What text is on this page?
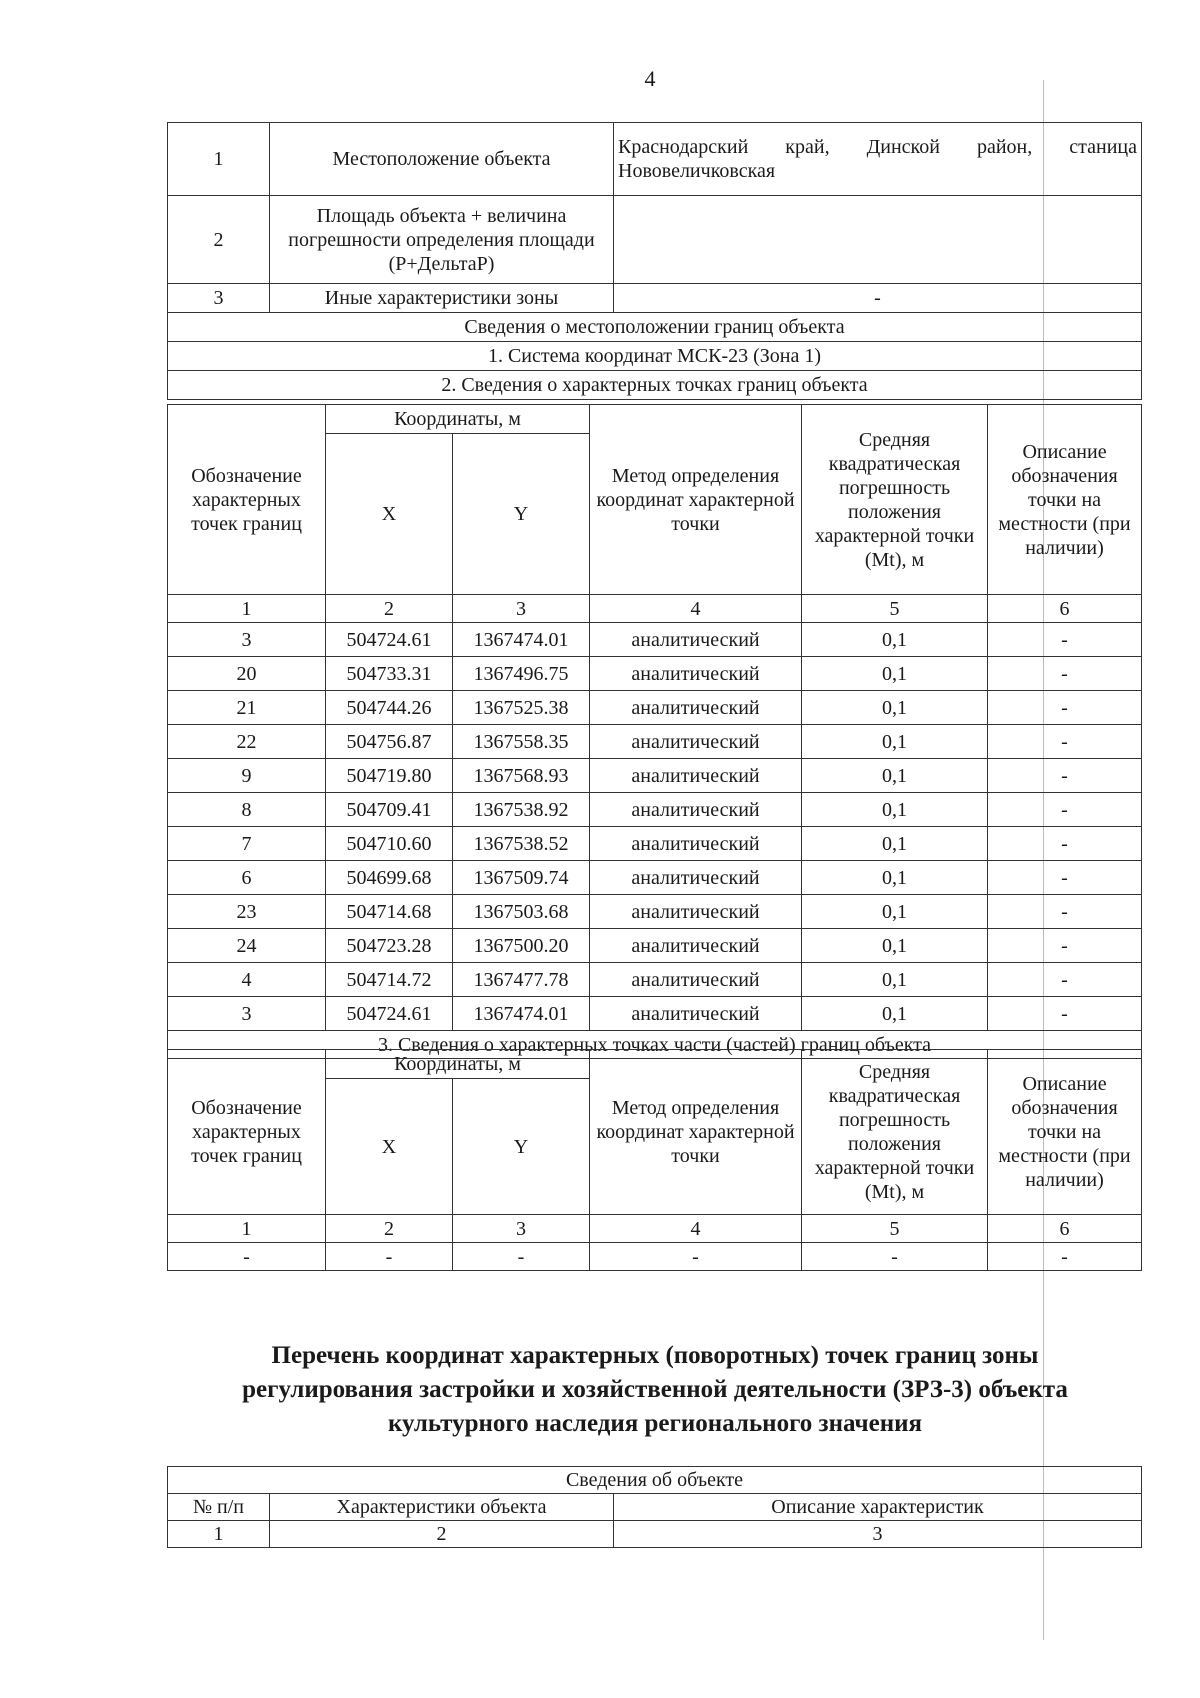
4
1	Местоположение объекта	Краснодарский край, Динской район, станица Нововеличковская
2	Площадь объекта + величина погрешности определения площади (P+ДельтаP)	
3	Иные характеристики зоны	-
Сведения о местоположении границ объекта		
1. Система координат МСК-23 (Зона 1)		
2. Сведения о характерных точках границ объекта		
Обозначение характерных точек границ	Координаты, м		Метод определения координат характерной точки	Средняя квадратическая погрешность положения характерной точки (Mt), м	Описание обозначения точки на местности (при наличии)
	X	Y			
1	2	3	4	5	6
3	504724.61	1367474.01	аналитический	0,1	-
20	504733.31	1367496.75	аналитический	0,1	-
21	504744.26	1367525.38	аналитический	0,1	-
22	504756.87	1367558.35	аналитический	0,1	-
9	504719.80	1367568.93	аналитический	0,1	-
8	504709.41	1367538.92	аналитический	0,1	-
7	504710.60	1367538.52	аналитический	0,1	-
6	504699.68	1367509.74	аналитический	0,1	-
23	504714.68	1367503.68	аналитический	0,1	-
24	504723.28	1367500.20	аналитический	0,1	-
4	504714.72	1367477.78	аналитический	0,1	-
3	504724.61	1367474.01	аналитический	0,1	-
3. Сведения о характерных точках части (частей) границ объекта					
Обозначение характерных точек границ	Координаты, м		Метод определения координат характерной точки	Средняя квадратическая погрешность положения характерной точки (Mt), м	Описание обозначения точки на местности (при наличии)
	X	Y			
1	2	3	4	5	6
-	-	-	-	-	-
Перечень координат характерных (поворотных) точек границ зоны
регулирования застройки и хозяйственной деятельности (ЗРЗ-3) объекта
культурного наследия регионального значения
Сведения об объекте		
№ п/п	Характеристики объекта	Описание характеристик
1	2	3
